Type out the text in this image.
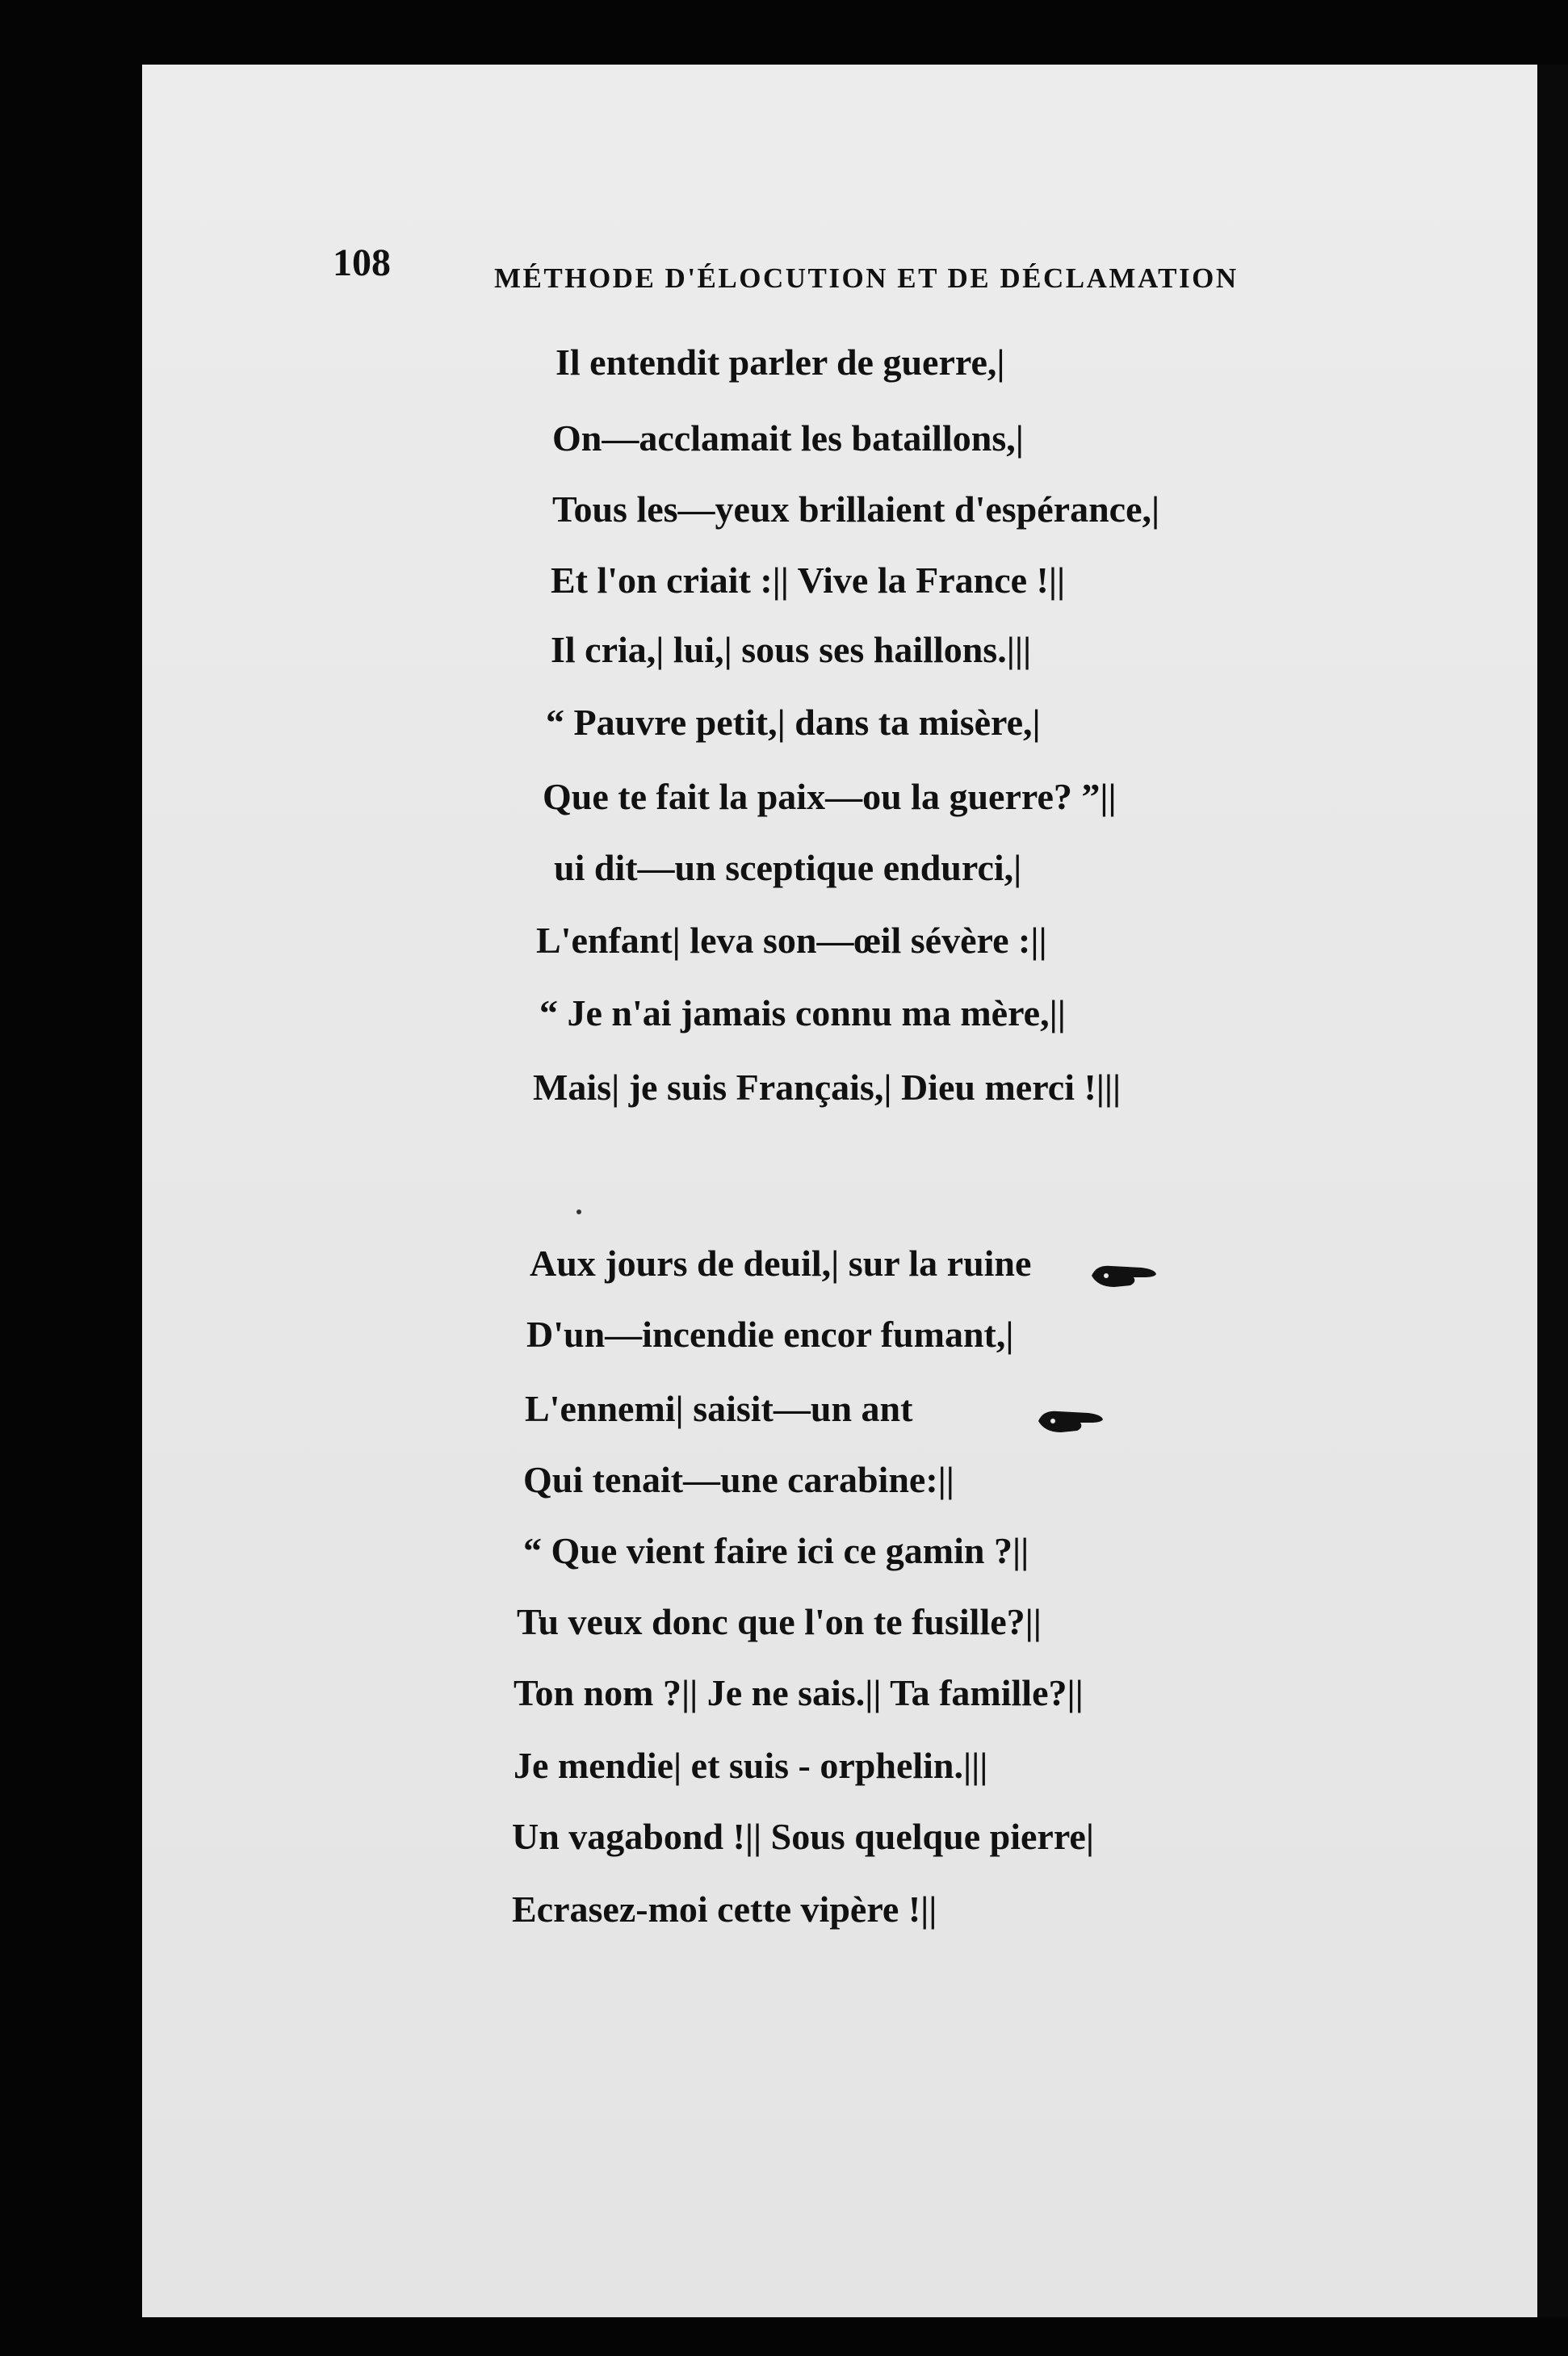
108	MÉTHODE D'ÉLOCUTION ET DE DÉCLAMATION
Il entendit parler de guerre,|
On—acclamait les bataillons,|
Tous les—yeux brillaient d'espérance,|
Et l'on criait :|| Vive la France !||
Il cria,| lui,| sous ses haillons.|||
“ Pauvre petit,| dans ta misère,|
Que te fait la paix—ou la guerre? ”||
ui dit—un sceptique endurci,|
L'enfant| leva son—œil sévère :||
“ Je n'ai jamais connu ma mère,||
Mais| je suis Français,| Dieu merci !|||
Aux jours de deuil,| sur la ruine
D'un—incendie encor fumant,|
L'ennemi| saisit—un ant
Qui tenait—une carabine:||
“ Que vient faire ici ce gamin ?||
Tu veux donc que l'on te fusille?||
Ton nom ?|| Je ne sais.|| Ta famille?||
Je mendie| et suis - orphelin.|||
Un vagabond !|| Sous quelque pierre|
Ecrasez-moi cette vipère !||
